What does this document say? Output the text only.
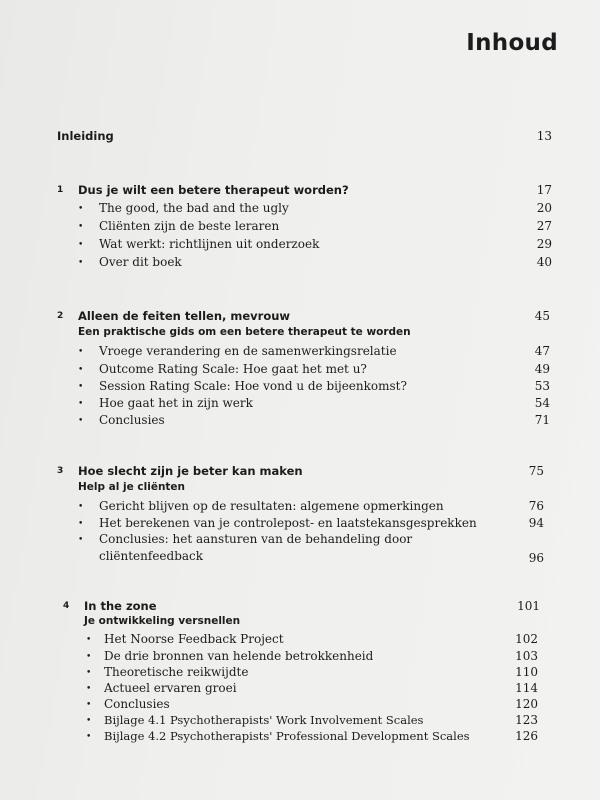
Inhoud
Inleiding	13
1 Dus je wilt een betere therapeut worden?	17
• The good, the bad and the ugly	20
• Cliënten zijn de beste leraren	27
• Wat werkt: richtlijnen uit onderzoek	29
• Over dit boek	40
2 Alleen de feiten tellen, mevrouw	45
Een praktische gids om een betere therapeut te worden
• Vroege verandering en de samenwerkingsrelatie	47
• Outcome Rating Scale: Hoe gaat het met u?	49
• Session Rating Scale: Hoe vond u de bijeenkomst?	53
• Hoe gaat het in zijn werk	54
• Conclusies	71
3 Hoe slecht zijn je beter kan maken	75
Help al je cliënten
• Gericht blijven op de resultaten: algemene opmerkingen	76
• Het berekenen van je controlepost- en laatstekansgesprekken	94
• Conclusies: het aansturen van de behandeling door
cliëntenfeedback	96
4 In the zone	101
Je ontwikkeling versnellen
• Het Noorse Feedback Project	102
• De drie bronnen van helende betrokkenheid	103
• Theoretische reikwijdte	110
• Actueel ervaren groei	114
• Conclusies	120
• Bijlage 4.1 Psychotherapists' Work Involvement Scales	123
• Bijlage 4.2 Psychotherapists' Professional Development Scales	126
